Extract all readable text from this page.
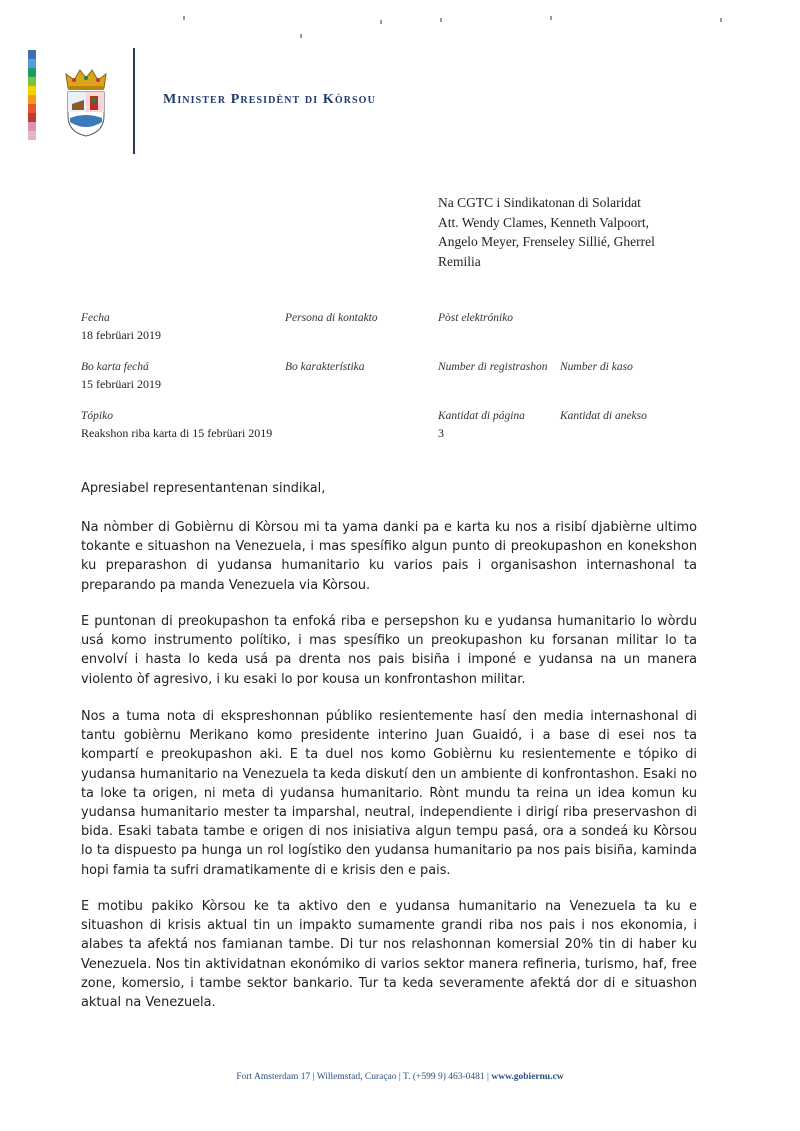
Minister Presidènt di Kòrsou
Na CGTC i Sindikatonan di Solaridat
Att. Wendy Clames, Kenneth Valpoort,
Angelo Meyer, Frenseley Sillié, Gherrel
Remilia
Fecha
18 febrüari 2019
Persona di kontakto	Pòst elektróniko
Bo karta fechá
15 febrüari 2019
Bo karakterístika	Number di registrashon Number di kaso
Tópiko
Reakshon riba karta di 15 febrüari 2019
Kantidat di página
3
Kantidat di anekso
Apresiabel representantenan sindikal,
Na nòmber di Gobièrnu di Kòrsou mi ta yama danki pa e karta ku nos a risibí djabièrne ultimo tokante e situashon na Venezuela, i mas spesífiko algun punto di preokupashon en konekshon ku preparashon di yudansa humanitario ku varios pais i organisashon internashonal ta preparando pa manda Venezuela via Kòrsou.
E puntonan di preokupashon ta enfoká riba e persepshon ku e yudansa humanitario lo wòrdu usá komo instrumento polítiko, i mas spesífiko un preokupashon ku forsanan militar lo ta envolví i hasta lo keda usá pa drenta nos pais bisiña i imponé e yudansa na un manera violento òf agresivo, i ku esaki lo por kousa un konfrontashon militar.
Nos a tuma nota di ekspreshonnan públiko resientemente hasí den media internashonal di tantu gobièrnu Merikano komo presidente interino Juan Guaidó, i a base di esei nos ta kompartí e preokupashon aki. E ta duel nos komo Gobièrnu ku resientemente e tópiko di yudansa humanitario na Venezuela ta keda diskutí den un ambiente di konfrontashon. Esaki no ta loke ta origen, ni meta di yudansa humanitario. Rònt mundu ta reina un idea komun ku yudansa humanitario mester ta imparshal, neutral, independiente i dirigí riba preservashon di bida. Esaki tabata tambe e origen di nos inisiativa algun tempu pasá, ora a sondeá ku Kòrsou lo ta dispuesto pa hunga un rol logístiko den yudansa humanitario pa nos pais bisiña, kaminda hopi famia ta sufri dramatikamente di e krisis den e pais.
E motibu pakiko Kòrsou ke ta aktivo den e yudansa humanitario na Venezuela ta ku e situashon di krisis aktual tin un impakto sumamente grandi riba nos pais i nos ekonomia, i alabes ta afektá nos famianan tambe. Di tur nos relashonnan komersial 20% tin di haber ku Venezuela. Nos tin aktividatnan ekonómiko di varios sektor manera refineria, turismo, haf, free zone, komersio, i tambe sektor bankario. Tur ta keda severamente afektá dor di e situashon aktual na Venezuela.
Fort Amsterdam 17 | Willemstad, Curaçao | T. (+599 9) 463-0481 | www.gobiernu.cw
